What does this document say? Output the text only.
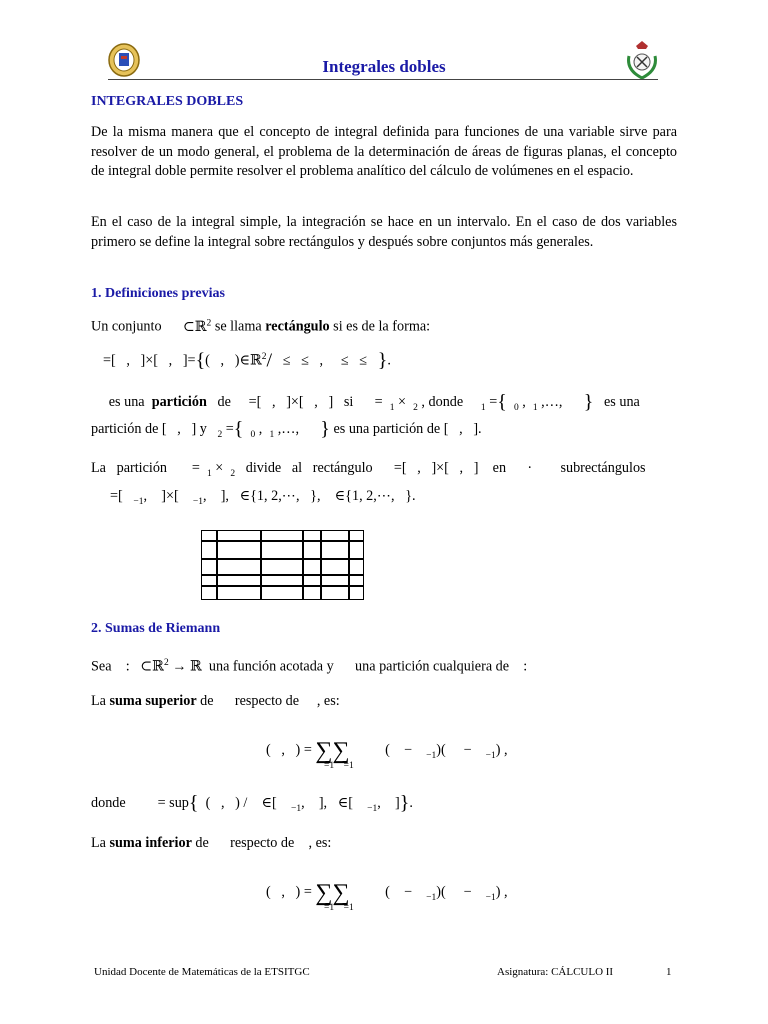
Integrales dobles
INTEGRALES DOBLES
De la misma manera que el concepto de integral definida para funciones de una variable sirve para resolver de un modo general, el problema de la determinación de áreas de figuras planas, el concepto de integral doble permite resolver el problema analítico del cálculo de volúmenes en el espacio.
En el caso de la integral simple, la integración se hace en un intervalo. En el caso de dos variables primero se define la integral sobre rectángulos y después sobre conjuntos más generales.
1. Definiciones previas
Un conjunto ⊂ℝ$^2$ se llama rectángulo si es de la forma:
=[   ,   ]×[   ,   ]={(   ,   )∈ℝ$^2$/   ≤   ≤   ,     ≤   ≤   }.
es una partición de     =[   ,   ]×[   ,   ]   si      =  $_1$ ×  $_2$ , donde $_1$ ={ $_0$ ,  $_1$ ,…,      } es una
partición de [   ,   ] y $_2$ ={ $_0$ ,  $_1$ ,…,      } es una partición de [   ,   ].
La   partición       =  $_1$ ×  $_2$ divide   al   rectángulo      =[   ,   ]×[   ,   ]    en      ·        subrectángulos
=[   $_{-1}$,    ]×[    $_{-1}$,    ],   ∈{1, 2,⋯,   },    ∈{1, 2,⋯,   }.

2. Sumas de Riemann
Sea    :   ⊂ℝ$^2$ → ℝ  una función acotada y una partición cualquiera de    :
La suma superior de respecto de , es:
(   ,   ) = ∑∑          (    −    $_{-1}$)(     −    $_{-1}$) ,
=1    =1
donde         = sup{  (   ,   ) /    ∈[    $_{-1}$,    ],   ∈[    $_{-1}$,    ]}.
La suma inferior de respecto de , es:
(   ,   ) = ∑∑          (    −    $_{-1}$)(     −    $_{-1}$) ,
=1    =1
Unidad Docente de Matemáticas de la ETSITGC	Asignatura: CÁLCULO II	1
